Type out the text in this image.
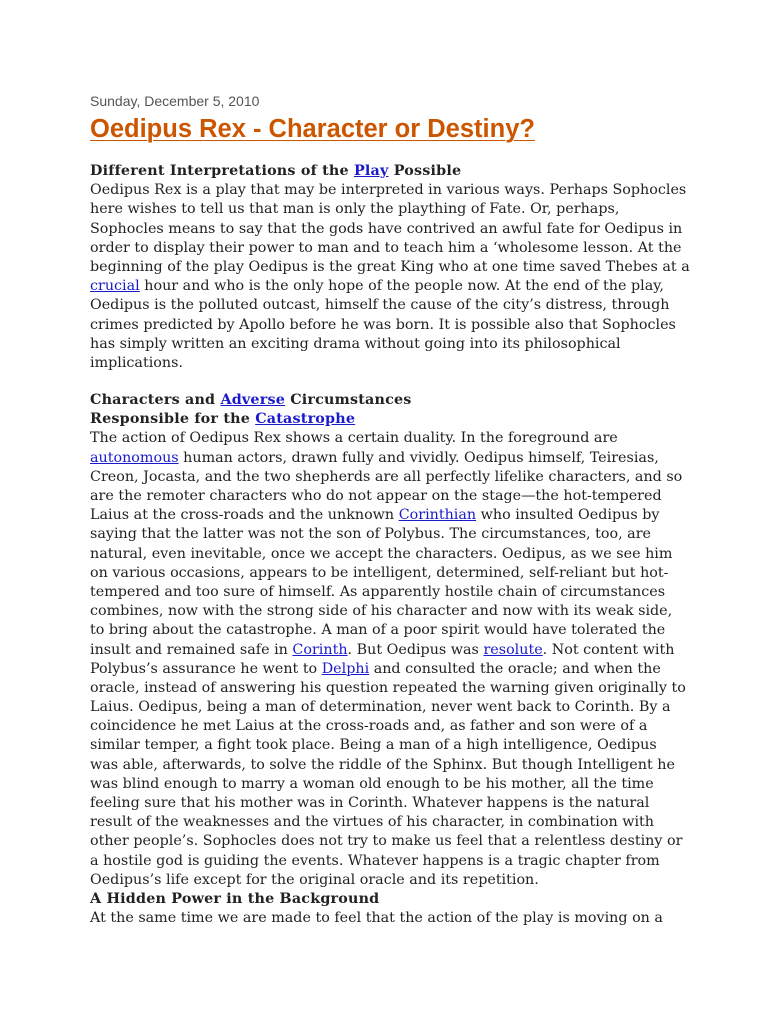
Sunday, December 5, 2010

Oedipus Rex - Character or Destiny?
Different Interpretations of the Play Possible
Oedipus Rex is a play that may be interpreted in various ways. Perhaps Sophocles
here wishes to tell us that man is only the plaything of Fate. Or, perhaps,
Sophocles means to say that the gods have contrived an awful fate for Oedipus in
order to display their power to man and to teach him a ‘wholesome lesson. At the
beginning of the play Oedipus is the great King who at one time saved Thebes at a
crucial hour and who is the only hope of the people now. At the end of the play,
Oedipus is the polluted outcast, himself the cause of the city’s distress, through
crimes predicted by Apollo before he was born. It is possible also that Sophocles
has simply written an exciting drama without going into its philosophical
implications.
Characters and Adverse Circumstances
Responsible for the Catastrophe
The action of Oedipus Rex shows a certain duality. In the foreground are
autonomous human actors, drawn fully and vividly. Oedipus himself, Teiresias,
Creon, Jocasta, and the two shepherds are all perfectly lifelike characters, and so
are the remoter characters who do not appear on the stage—the hot-tempered
Laius at the cross-roads and the unknown Corinthian who insulted Oedipus by
saying that the latter was not the son of Polybus. The circumstances, too, are
natural, even inevitable, once we accept the characters. Oedipus, as we see him
on various occasions, appears to be intelligent, determined, self-reliant but hot-
tempered and too sure of himself. As apparently hostile chain of circumstances
combines, now with the strong side of his character and now with its weak side,
to bring about the catastrophe. A man of a poor spirit would have tolerated the
insult and remained safe in Corinth. But Oedipus was resolute. Not content with
Polybus’s assurance he went to Delphi and consulted the oracle; and when the
oracle, instead of answering his question repeated the warning given originally to
Laius. Oedipus, being a man of determination, never went back to Corinth. By a
coincidence he met Laius at the cross-roads and, as father and son were of a
similar temper, a fight took place. Being a man of a high intelligence, Oedipus
was able, afterwards, to solve the riddle of the Sphinx. But though Intelligent he
was blind enough to marry a woman old enough to be his mother, all the time
feeling sure that his mother was in Corinth. Whatever happens is the natural
result of the weaknesses and the virtues of his character, in combination with
other people’s. Sophocles does not try to make us feel that a relentless destiny or
a hostile god is guiding the events. Whatever happens is a tragic chapter from
Oedipus’s life except for the original oracle and its repetition.
A Hidden Power in the Background
At the same time we are made to feel that the action of the play is moving on a
